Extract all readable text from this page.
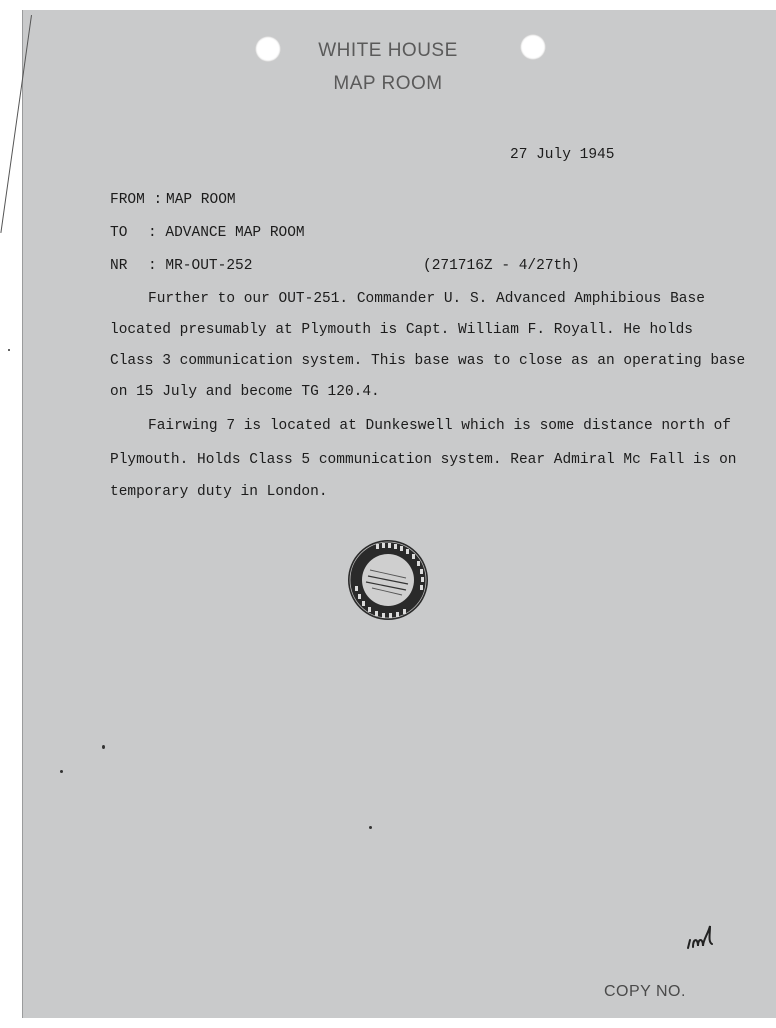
WHITE HOUSE
MAP ROOM
27 July 1945
FROM : MAP ROOM
TO : ADVANCE MAP ROOM
NR : MR-OUT-252	(271716Z - 4/27th)
Further to our OUT-251. Commander U. S. Advanced Amphibious Base
located presumably at Plymouth is Capt. William F. Royall. He holds
Class 3 communication system. This base was to close as an operating base
on 15 July and become TG 120.4.
Fairwing 7 is located at Dunkeswell which is some distance north of
Plymouth. Holds Class 5 communication system. Rear Admiral Mc Fall is on
temporary duty in London.
COPY NO.
